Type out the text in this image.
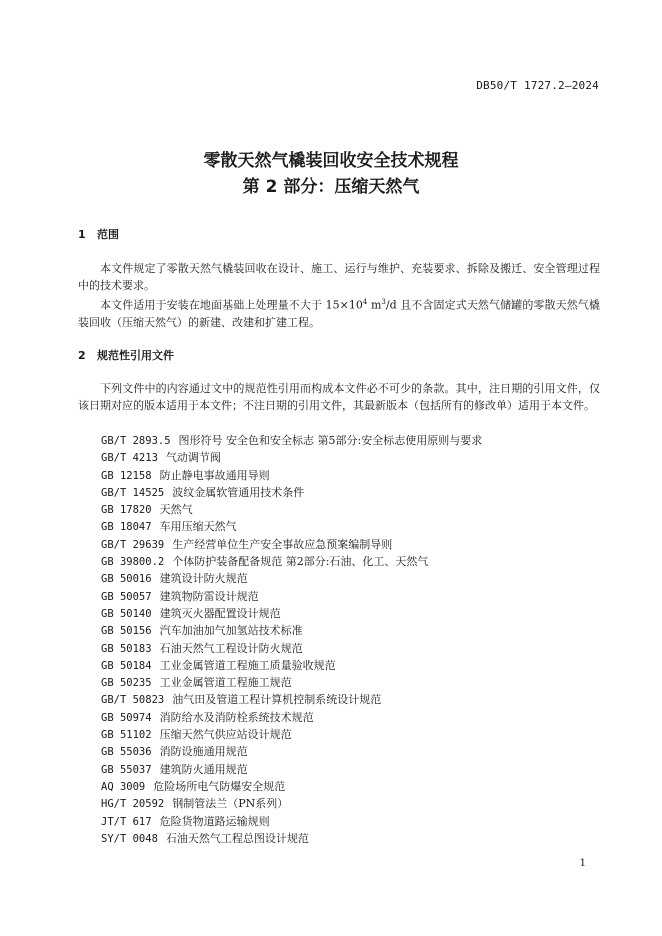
DB50/T 1727.2—2024
零散天然气橇装回收安全技术规程
第 2 部分：压缩天然气
1 范围

本文件规定了零散天然气橇装回收在设计、施工、运行与维护、充装要求、拆除及搬迁、安全管理过程中的技术要求。

本文件适用于安装在地面基础上处理量不大于 $15\times 10^4$ $m^3/d$ 且不含固定式天然气储罐的零散天然气橇装回收（压缩天然气）的新建、改建和扩建工程。

2 规范性引用文件

下列文件中的内容通过文中的规范性引用而构成本文件必不可少的条款。其中，注日期的引用文件，仅该日期对应的版本适用于本文件；不注日期的引用文件，其最新版本（包括所有的修改单）适用于本文件。

GB/T 2893.5 图形符号 安全色和安全标志 第5部分:安全标志使用原则与要求
GB/T 4213 气动调节阀
GB 12158 防止静电事故通用导则
GB/T 14525 波纹金属软管通用技术条件
GB 17820 天然气
GB 18047 车用压缩天然气
GB/T 29639 生产经营单位生产安全事故应急预案编制导则
GB 39800.2 个体防护装备配备规范 第2部分:石油、化工、天然气
GB 50016 建筑设计防火规范
GB 50057 建筑物防雷设计规范
GB 50140 建筑灭火器配置设计规范
GB 50156 汽车加油加气加氢站技术标准
GB 50183 石油天然气工程设计防火规范
GB 50184 工业金属管道工程施工质量验收规范
GB 50235 工业金属管道工程施工规范
GB/T 50823 油气田及管道工程计算机控制系统设计规范
GB 50974 消防给水及消防栓系统技术规范
GB 51102 压缩天然气供应站设计规范
GB 55036 消防设施通用规范
GB 55037 建筑防火通用规范
AQ 3009 危险场所电气防爆安全规范
HG/T 20592 钢制管法兰（PN系列）
JT/T 617 危险货物道路运输规则
SY/T 0048 石油天然气工程总图设计规范
1
